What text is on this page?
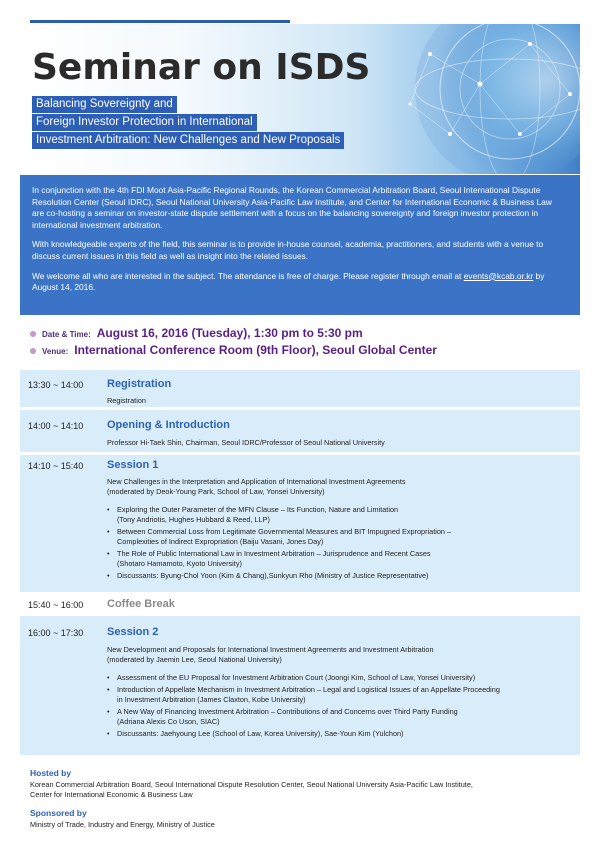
Seminar on ISDS
Balancing Sovereignty and
Foreign Investor Protection in International
Investment Arbitration: New Challenges and New Proposals

In conjunction with the 4th FDI Moot Asia-Pacific Regional Rounds, the Korean Commercial Arbitration Board, Seoul International Dispute Resolution Center (Seoul IDRC), Seoul National University Asia-Pacific Law Institute, and Center for International Economic & Business Law are co-hosting a seminar on investor-state dispute settlement with a focus on the balancing sovereignty and foreign investor protection in international investment arbitration.

With knowledgeable experts of the field, this seminar is to provide in-house counsel, academia, practitioners, and students with a venue to discuss current issues in this field as well as insight into the related issues.

We welcome all who are interested in the subject. The attendance is free of charge. Please register through email at events@kcab.or.kr by August 14, 2016.

Date & Time: August 16, 2016 (Tuesday), 1:30 pm to 5:30 pm
Venue: International Conference Room (9th Floor), Seoul Global Center
13:30 ~ 14:00 Registration
Registration
14:00 ~ 14:10 Opening & Introduction
Professor Hi-Taek Shin, Chairman, Seoul IDRC/Professor of Seoul National University
14:10 ~ 15:40 Session 1
New Challenges in the Interpretation and Application of International Investment Agreements
(moderated by Deok-Young Park, School of Law, Yonsei University)
• Exploring the Outer Parameter of the MFN Clause – Its Function, Nature and Limitation
(Tony Andriotis, Hughes Hubbard & Reed, LLP)
• Between Commercial Loss from Legitimate Governmental Measures and BIT Impugned Expropriation –
Complexities of Indirect Expropriation (Baiju Vasani, Jones Day)
• The Role of Public International Law in Investment Arbitration – Jurisprudence and Recent Cases
(Shotaro Hamamoto, Kyoto University)
• Discussants: Byung-Chol Yoon (Kim & Chang),Sunkyun Rho (Ministry of Justice Representative)
15:40 ~ 16:00 Coffee Break
16:00 ~ 17:30 Session 2
New Development and Proposals for International Investment Agreements and Investment Arbitration
(moderated by Jaemin Lee, Seoul National University)
• Assessment of the EU Proposal for Investment Arbitration Court (Joongi Kim, School of Law, Yonsei University)
• Introduction of Appellate Mechanism in Investment Arbitration – Legal and Logistical Issues of an Appellate Proceeding
in Investment Arbitration (James Claxton, Kobe University)
• A New Way of Financing Investment Arbitration – Contributions of and Concerns over Third Party Funding
(Adriana Alexis Co Uson, SIAC)
• Discussants: Jaehyoung Lee (School of Law, Korea University), Sae-Youn Kim (Yulchon)
Hosted by
Korean Commercial Arbitration Board, Seoul International Dispute Resolution Center, Seoul National University Asia-Pacific Law Institute,
Center for International Economic & Business Law
Sponsored by
Ministry of Trade, Industry and Energy, Ministry of Justice
